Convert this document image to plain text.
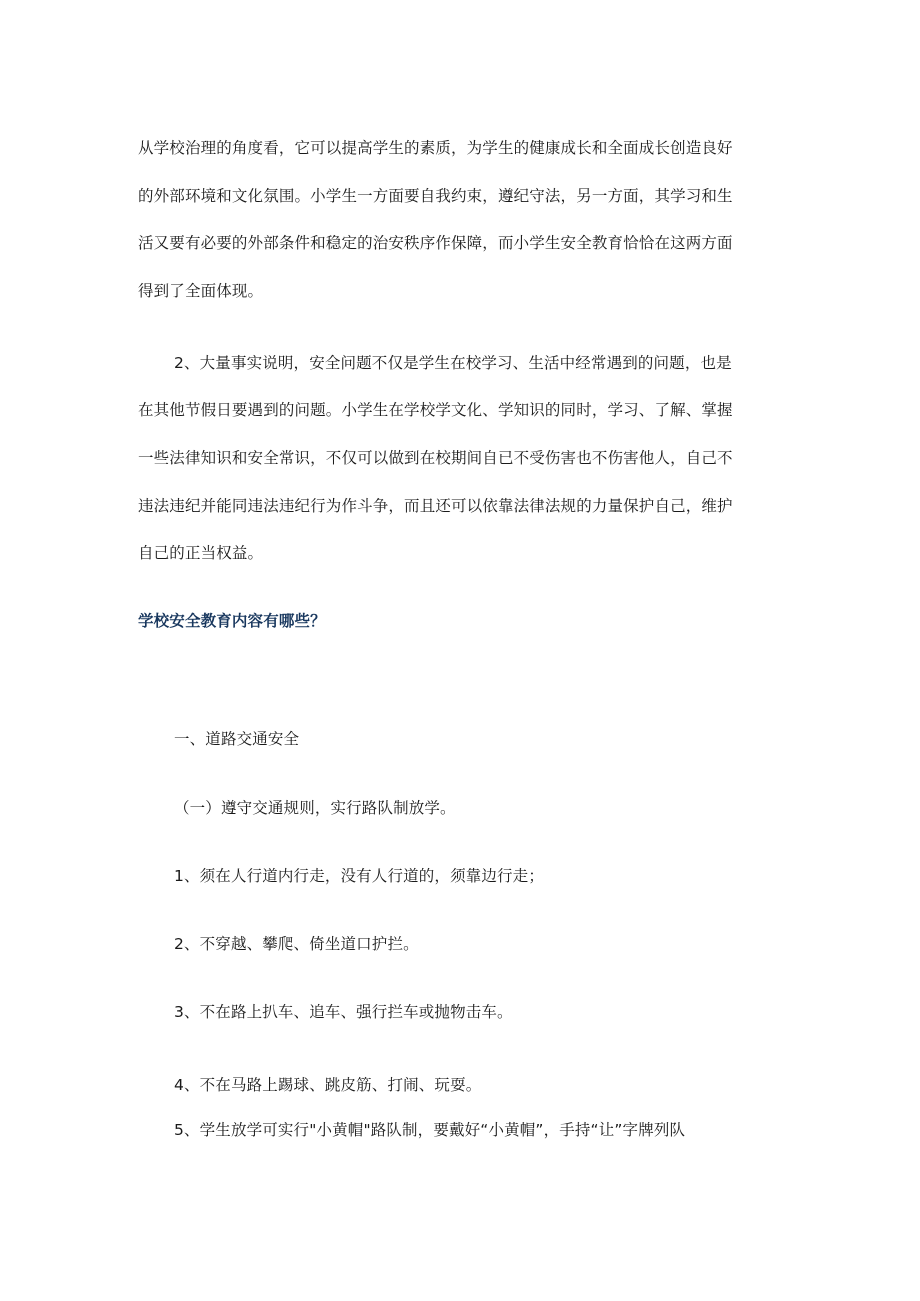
从学校治理的角度看，它可以提高学生的素质，为学生的健康成长和全面成长创造良好

的外部环境和文化氛围。小学生一方面要自我约束，遵纪守法，另一方面，其学习和生

活又要有必要的外部条件和稳定的治安秩序作保障，而小学生安全教育恰恰在这两方面

得到了全面体现。

2、大量事实说明，安全问题不仅是学生在校学习、生活中经常遇到的问题，也是

在其他节假日要遇到的问题。小学生在学校学文化、学知识的同时，学习、了解、掌握

一些法律知识和安全常识，不仅可以做到在校期间自已不受伤害也不伤害他人，自己不

违法违纪并能同违法违纪行为作斗争，而且还可以依靠法律法规的力量保护自己，维护

自己的正当权益。

学校安全教育内容有哪些？

一、道路交通安全

（一）遵守交通规则，实行路队制放学。

1、须在人行道内行走，没有人行道的，须靠边行走；

2、不穿越、攀爬、倚坐道口护拦。

3、不在路上扒车、追车、强行拦车或抛物击车。

4、不在马路上踢球、跳皮筋、打闹、玩耍。

5、学生放学可实行"小黄帽"路队制，要戴好“小黄帽”，手持“让”字牌列队
